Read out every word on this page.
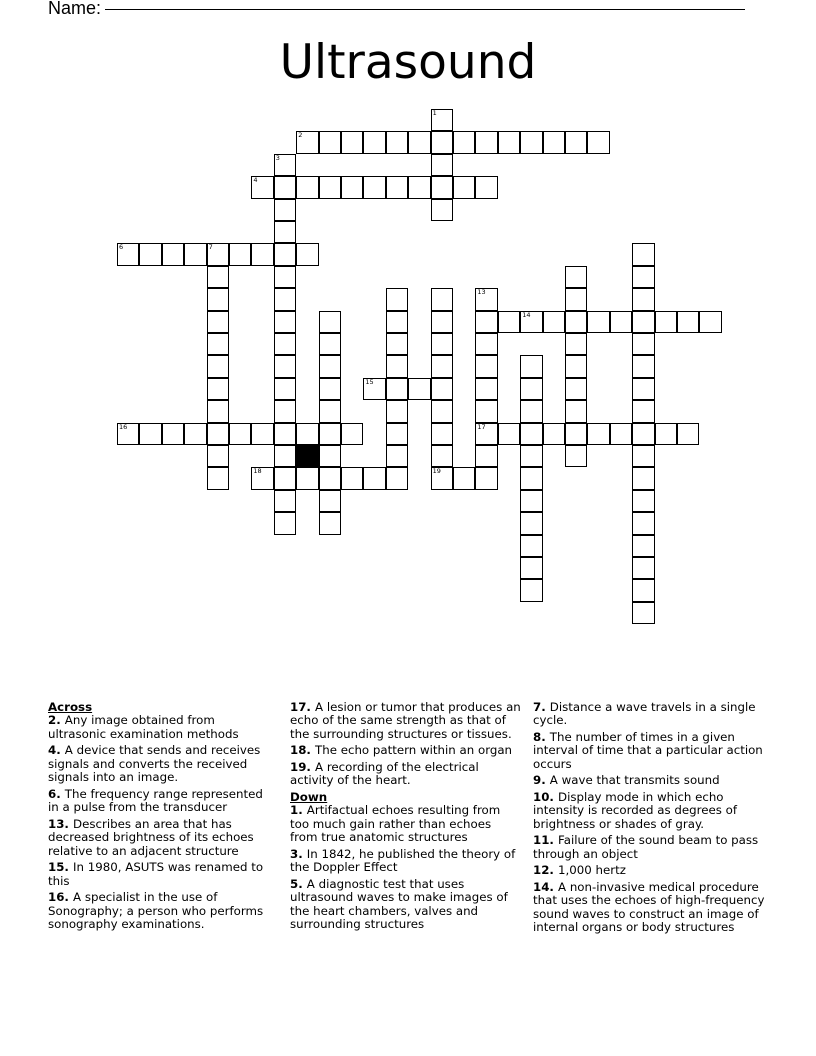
Name:
Ultrasound
2
1
3
4
6	7
19
13
17
14
15
16
18
Across
2. Any image obtained from ultrasonic examination methods
4. A device that sends and receives signals and converts the received signals into an image.
6. The frequency range represented in a pulse from the transducer
13. Describes an area that has decreased brightness of its echoes relative to an adjacent structure
15. In 1980, ASUTS was renamed to this
16. A specialist in the use of Sonography; a person who performs sonography examinations.
17. A lesion or tumor that produces an echo of the same strength as that of the surrounding structures or tissues.
18. The echo pattern within an organ
19. A recording of the electrical activity of the heart.
Down
1. Artifactual echoes resulting from too much gain rather than echoes from true anatomic structures
3. In 1842, he published the theory of the Doppler Effect
5. A diagnostic test that uses ultrasound waves to make images of the heart chambers, valves and surrounding structures
7. Distance a wave travels in a single cycle.
8. The number of times in a given interval of time that a particular action occurs
9. A wave that transmits sound
10. Display mode in which echo intensity is recorded as degrees of brightness or shades of gray.
11. Failure of the sound beam to pass through an object
12. 1,000 hertz
14. A non-invasive medical procedure that uses the echoes of high-frequency sound waves to construct an image of internal organs or body structures
